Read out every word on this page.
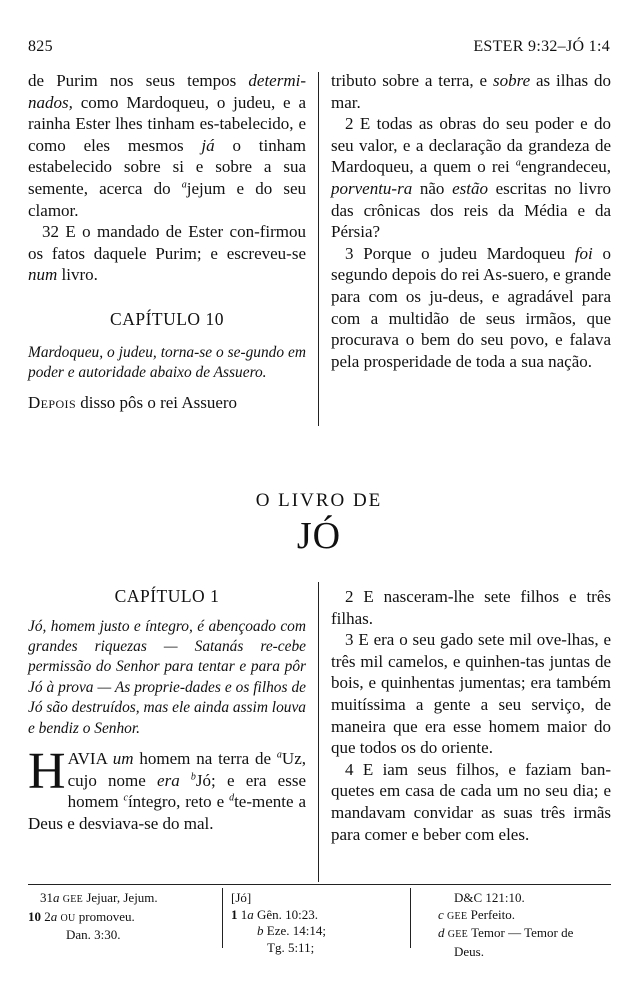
825	ESTER 9:32–JÓ 1:4

de Purim nos seus tempos determi- nados, como Mardoqueu, o judeu, e a rainha Ester lhes tinham es-tabelecido, e como eles mesmos já o tinham estabelecido sobre si e sobre a sua semente, acerca do $^a$jejum e do seu clamor.

32 E o mandado de Ester con-firmou os fatos daquele Purim; e escreveu-se num livro.

CAPÍTULO 10

Mardoqueu, o judeu, torna-se o se-gundo em poder e autoridade abaixo de Assuero.

Depois disso pôs o rei Assuero

tributo sobre a terra, e sobre as ilhas do mar.

2 E todas as obras do seu poder e do seu valor, e a declaração da grandeza de Mardoqueu, a quem o rei $^a$engrandeceu, porventu-ra não estão escritas no livro das crônicas dos reis da Média e da Pérsia?

3 Porque o judeu Mardoqueu foi o segundo depois do rei As-suero, e grande para com os ju-deus, e agradável para com a multidão de seus irmãos, que procurava o bem do seu povo, e falava pela prosperidade de toda a sua nação.

O LIVRO DE
JÓ

CAPÍTULO 1

Jó, homem justo e íntegro, é abençoado com grandes riquezas — Satanás re-cebe permissão do Senhor para tentar e para pôr Jó à prova — As proprie-dades e os filhos de Jó são destruídos, mas ele ainda assim louva e bendiz o Senhor.

HAVIA um homem na terra de $^a$Uz, cujo nome era $^b$Jó; e era esse homem $^c$íntegro, reto e $^d$te-mente a Deus e desviava-se do mal.

2 E nasceram-lhe sete filhos e três filhas.

3 E era o seu gado sete mil ove-lhas, e três mil camelos, e quinhen-tas juntas de bois, e quinhentas jumentas; era também muitíssima a gente a seu serviço, de maneira que era esse homem maior do que todos os do oriente.

4 E iam seus filhos, e faziam ban-quetes em casa de cada um no seu dia; e mandavam convidar as suas três irmãs para comer e beber com eles.

31a GEE Jejuar, Jejum.

10 2a OU promoveu.

Dan. 3:30.

[Jó]

1 1a Gên. 10:23.

b Eze. 14:14;

Tg. 5:11;

D&C 121:10.

c GEE Perfeito.

d GEE Temor — Temor de

Deus.
